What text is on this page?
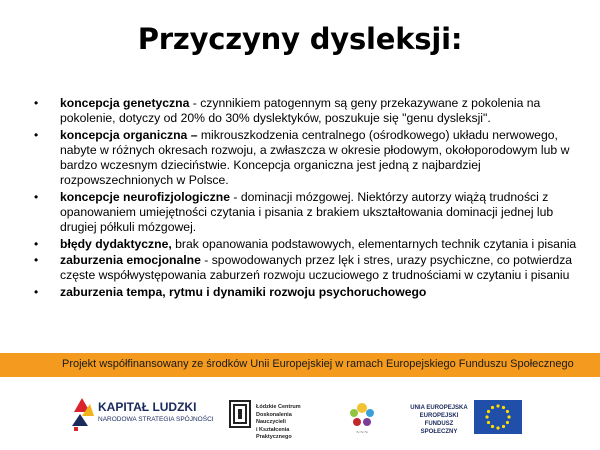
Przyczyny dysleksji:
• koncepcja genetyczna - czynnikiem patogennym są geny przekazywane z pokolenia na pokolenie, dotyczy od 20% do 30% dyslektyków, poszukuje się "genu dysleksji".
• koncepcja organiczna – mikrouszkodzenia centralnego (ośrodkowego) układu nerwowego, nabyte w różnych okresach rozwoju, a zwłaszcza w okresie płodowym, okołoporodowym lub w bardzo wczesnym dzieciństwie. Koncepcja organiczna jest jedną z najbardziej rozpowszechnionych w Polsce.
• koncepcje neurofizjologiczne - dominacji mózgowej. Niektórzy autorzy wiążą trudności z opanowaniem umiejętności czytania i pisania z brakiem ukształtowania dominacji jednej lub drugiej półkuli mózgowej.
• błędy dydaktyczne, brak opanowania podstawowych, elementarnych technik czytania i pisania
• zaburzenia emocjonalne - spowodowanych przez lęk i stres, urazy psychiczne, co potwierdza częste współwystępowania zaburzeń rozwoju uczuciowego z trudnościami w czytaniu i pisaniu
• zaburzenia tempa, rytmu i dynamiki rozwoju psychoruchowego
Projekt współfinansowany ze środków Unii Europejskiej w ramach Europejskiego Funduszu Społecznego
KAPITAŁ LUDZKI
NARODOWA STRATEGIA SPÓJNOŚCI
Łódzkie Centrum
Doskonalenia Nauczycieli
i Kształcenia Praktycznego
~~~
UNIA EUROPEJSKA
EUROPEJSKI
FUNDUSZ SPOŁECZNY
